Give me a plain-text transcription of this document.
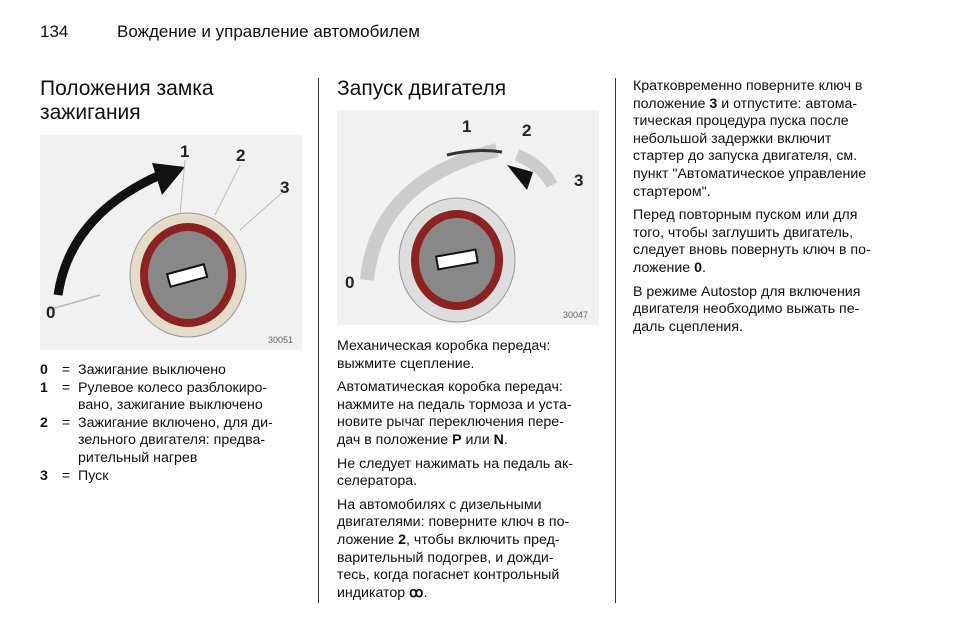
134	Вождение и управление автомобилем
Положения замка
зажигания
0
1	2
3
30051
0 = Зажигание выключено
1 = Рулевое колесо разблокиро-
вано, зажигание выключено
2 = Зажигание включено, для ди-
зельного двигателя: предва-
рительный нагрев
3 = Пуск
Запуск двигателя
0
1	2
3
30047
Механическая коробка передач:
выжмите сцепление.
Автоматическая коробка передач:
нажмите на педаль тормоза и уста-
новите рычаг переключения пере-
дач в положение P или N.
Не следует нажимать на педаль ак-
селератора.
На автомобилях с дизельными
двигателями: поверните ключ в по-
ложение 2, чтобы включить пред-
варительный подогрев, и дожди-
тесь, когда погаснет контрольный
индикатор ꝏ.
Кратковременно поверните ключ в
положение 3 и отпустите: автома-
тическая процедура пуска после
небольшой задержки включит
стартер до запуска двигателя, см.
пункт "Автоматическое управление
стартером".
Перед повторным пуском или для
того, чтобы заглушить двигатель,
следует вновь повернуть ключ в по-
ложение 0.
В режиме Autostop для включения
двигателя необходимо выжать пе-
даль сцепления.
